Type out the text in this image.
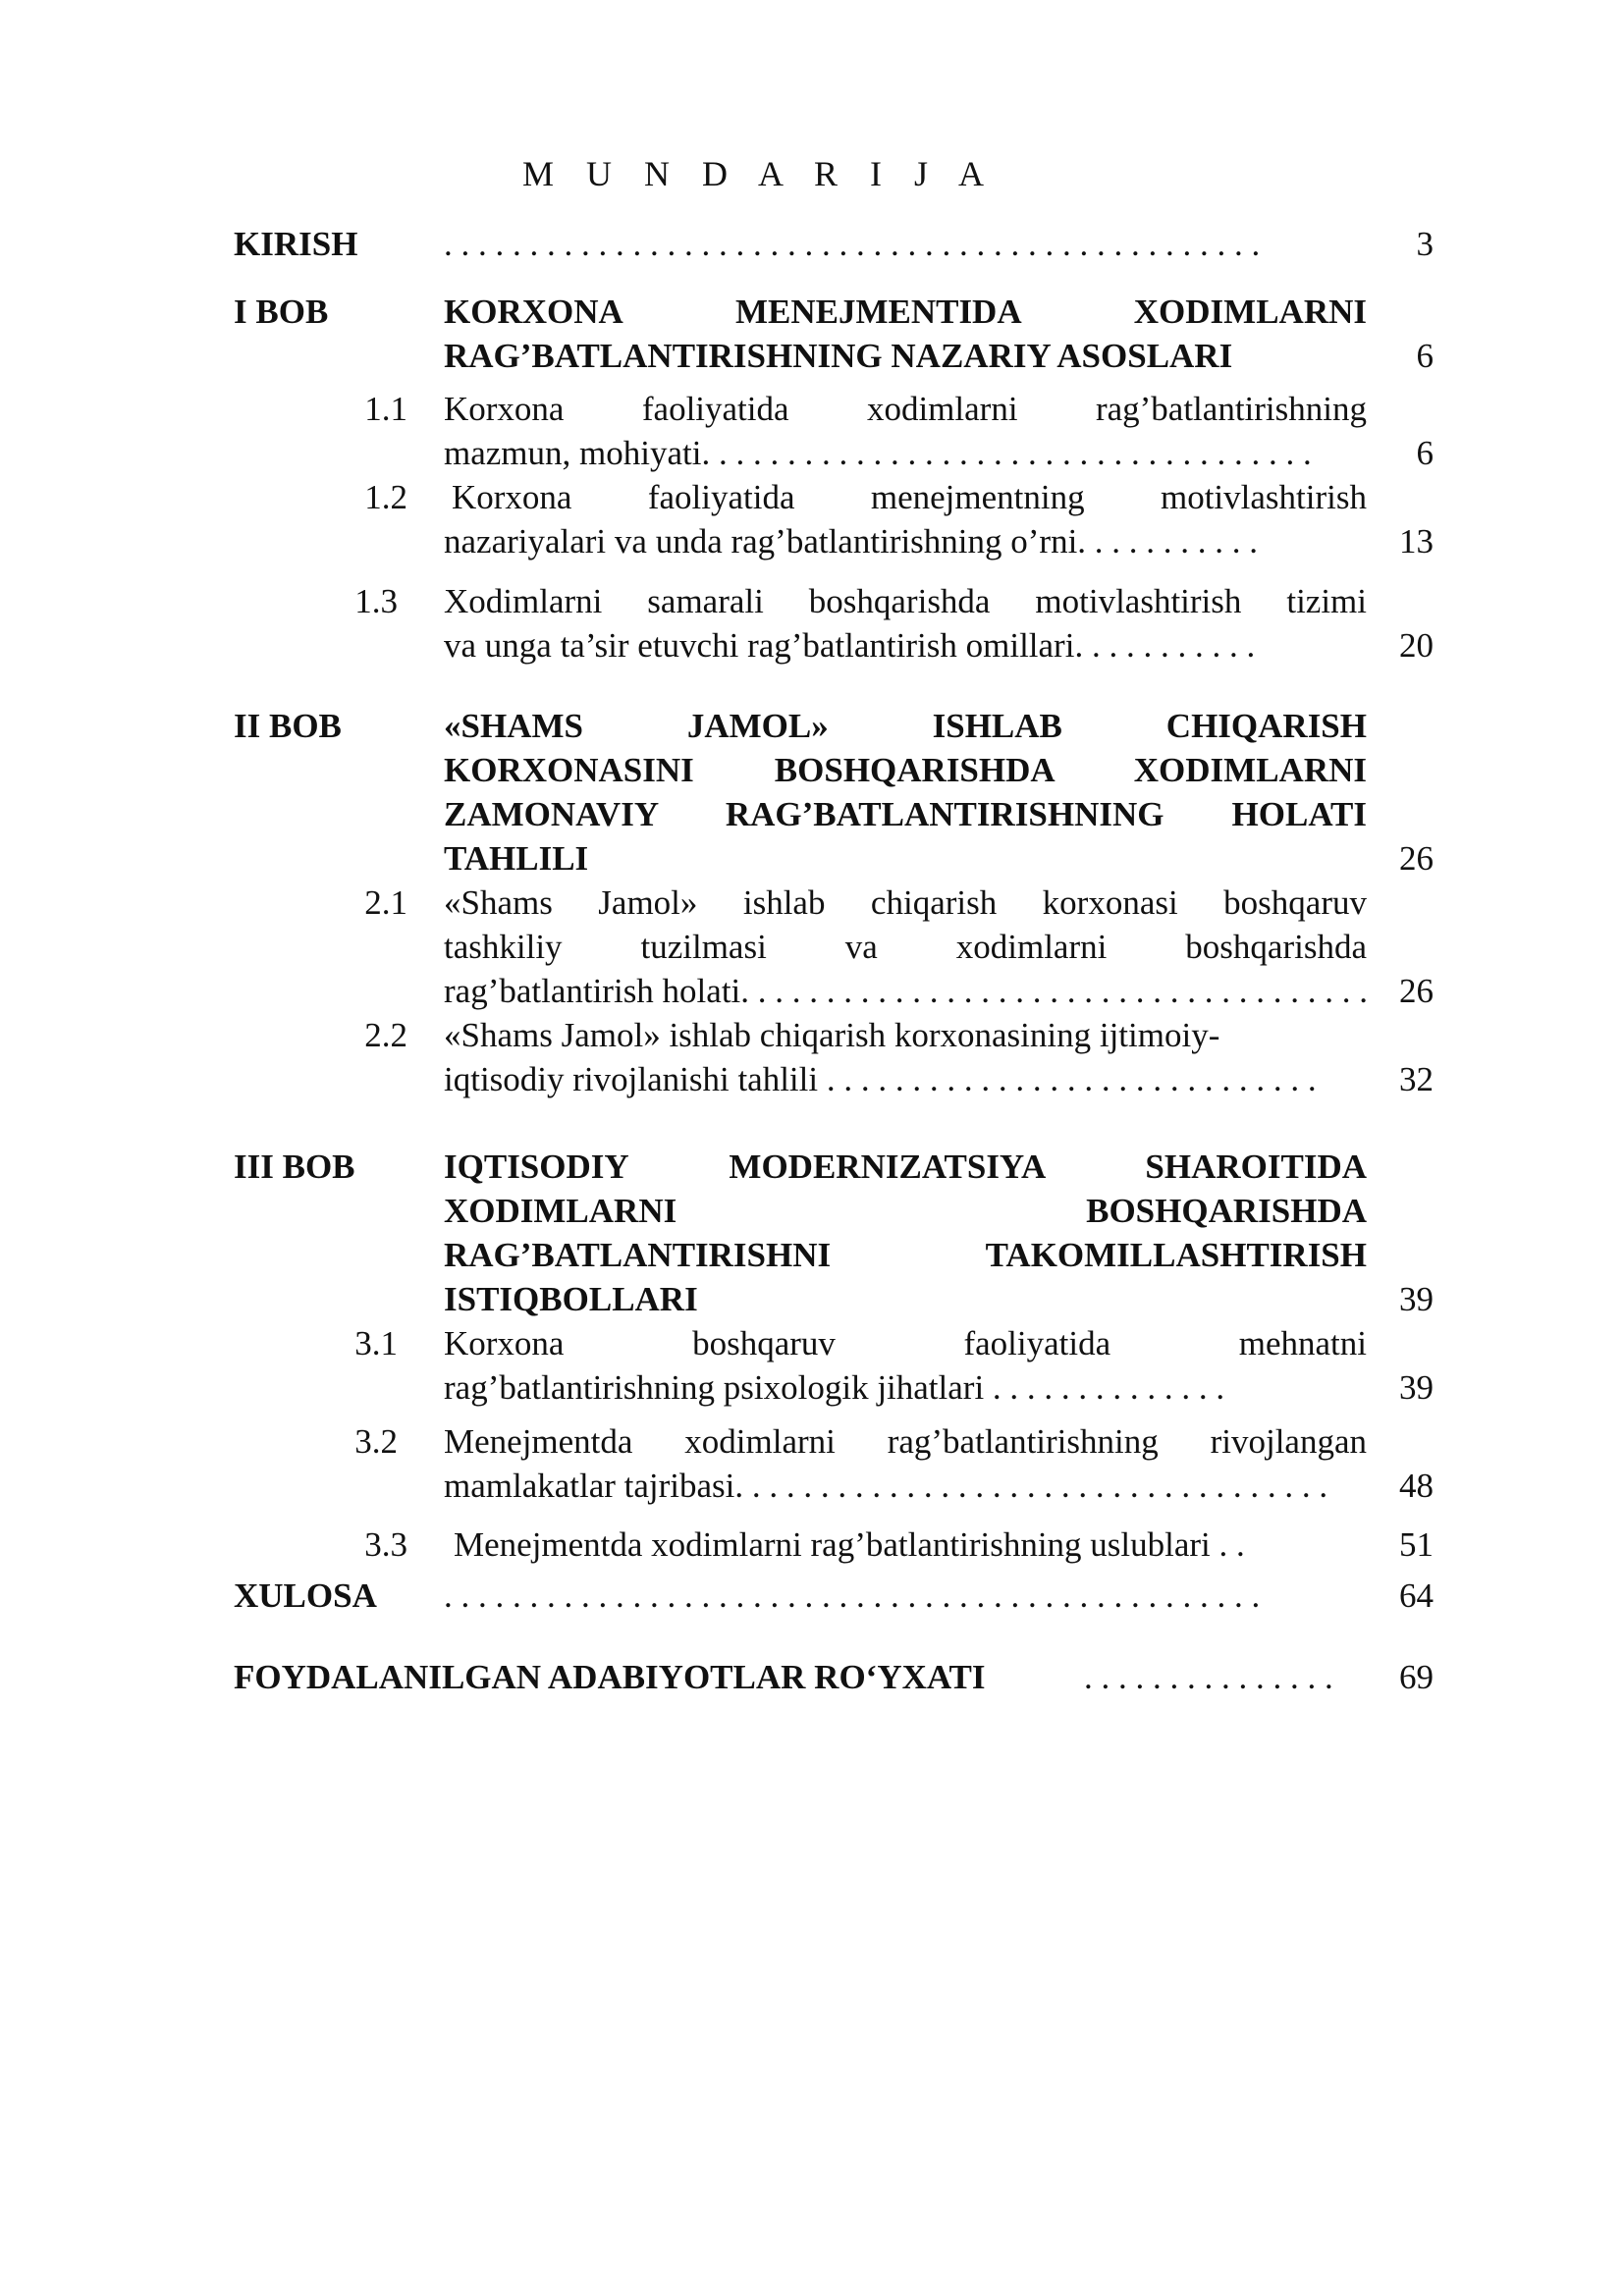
M U N D A R I J A
KIRISH	. . . . . . . . . . . . . . . . . . . . . . . . . . . . . . . . . . . . . . . . . . . . . . . .	3
I BOB	KORXONA MENEJMENTIDA XODIMLARNI
RAG’BATLANTIRISHNING NAZARIY ASOSLARI	6
1.1 Korxona faoliyatida xodimlarni rag’batlantirishning
mazmun, mohiyati. . . . . . . . . . . . . . . . . . . . . . . . . . . . . . . . . . . .	6
1.2 Korxona faoliyatida menejmentning motivlashtirish
nazariyalari va unda rag’batlantirishning o’rni. . . . . . . . . . .	13
1.3 Xodimlarni samarali boshqarishda motivlashtirish tizimi
va unga ta’sir etuvchi rag’batlantirish omillari. . . . . . . . . . .	20
II BOB	«SHAMS JAMOL» ISHLAB CHIQARISH
KORXONASINI BOSHQARISHDA XODIMLARNI
ZAMONAVIY RAG’BATLANTIRISHNING HOLATI
TAHLILI	26
2.1 «Shams Jamol» ishlab chiqarish korxonasi boshqaruv
tashkiliy tuzilmasi va xodimlarni boshqarishda
rag’batlantirish holati. . . . . . . . . . . . . . . . . . . . . . . . . . . . . . . . . . . . . 26
2.2 «Shams Jamol» ishlab chiqarish korxonasining ijtimoiy-
iqtisodiy rivojlanishi tahlili . . . . . . . . . . . . . . . . . . . . . . . . . . . . .	32
III BOB	IQTISODIY MODERNIZATSIYA SHAROITIDA
XODIMLARNI BOSHQARISHDA
RAG’BATLANTIRISHNI TAKOMILLASHTIRISH
ISTIQBOLLARI	39
3.1 Korxona boshqaruv faoliyatida mehnatni
rag’batlantirishning psixologik jihatlari . . . . . . . . . . . . . .	39
3.2 Menejmentda xodimlarni rag’batlantirishning rivojlangan
mamlakatlar tajribasi. . . . . . . . . . . . . . . . . . . . . . . . . . . . . . . . . . .	48
3.3 Menejmentda xodimlarni rag’batlantirishning uslublari . .	51
XULOSA . . . . . . . . . . . . . . . . . . . . . . . . . . . . . . . . . . . . . . . . . . . . . . . .	64
FOYDALANILGAN ADABIYOTLAR RO‘YXATI	. . . . . . . . . . . . . . . 69
